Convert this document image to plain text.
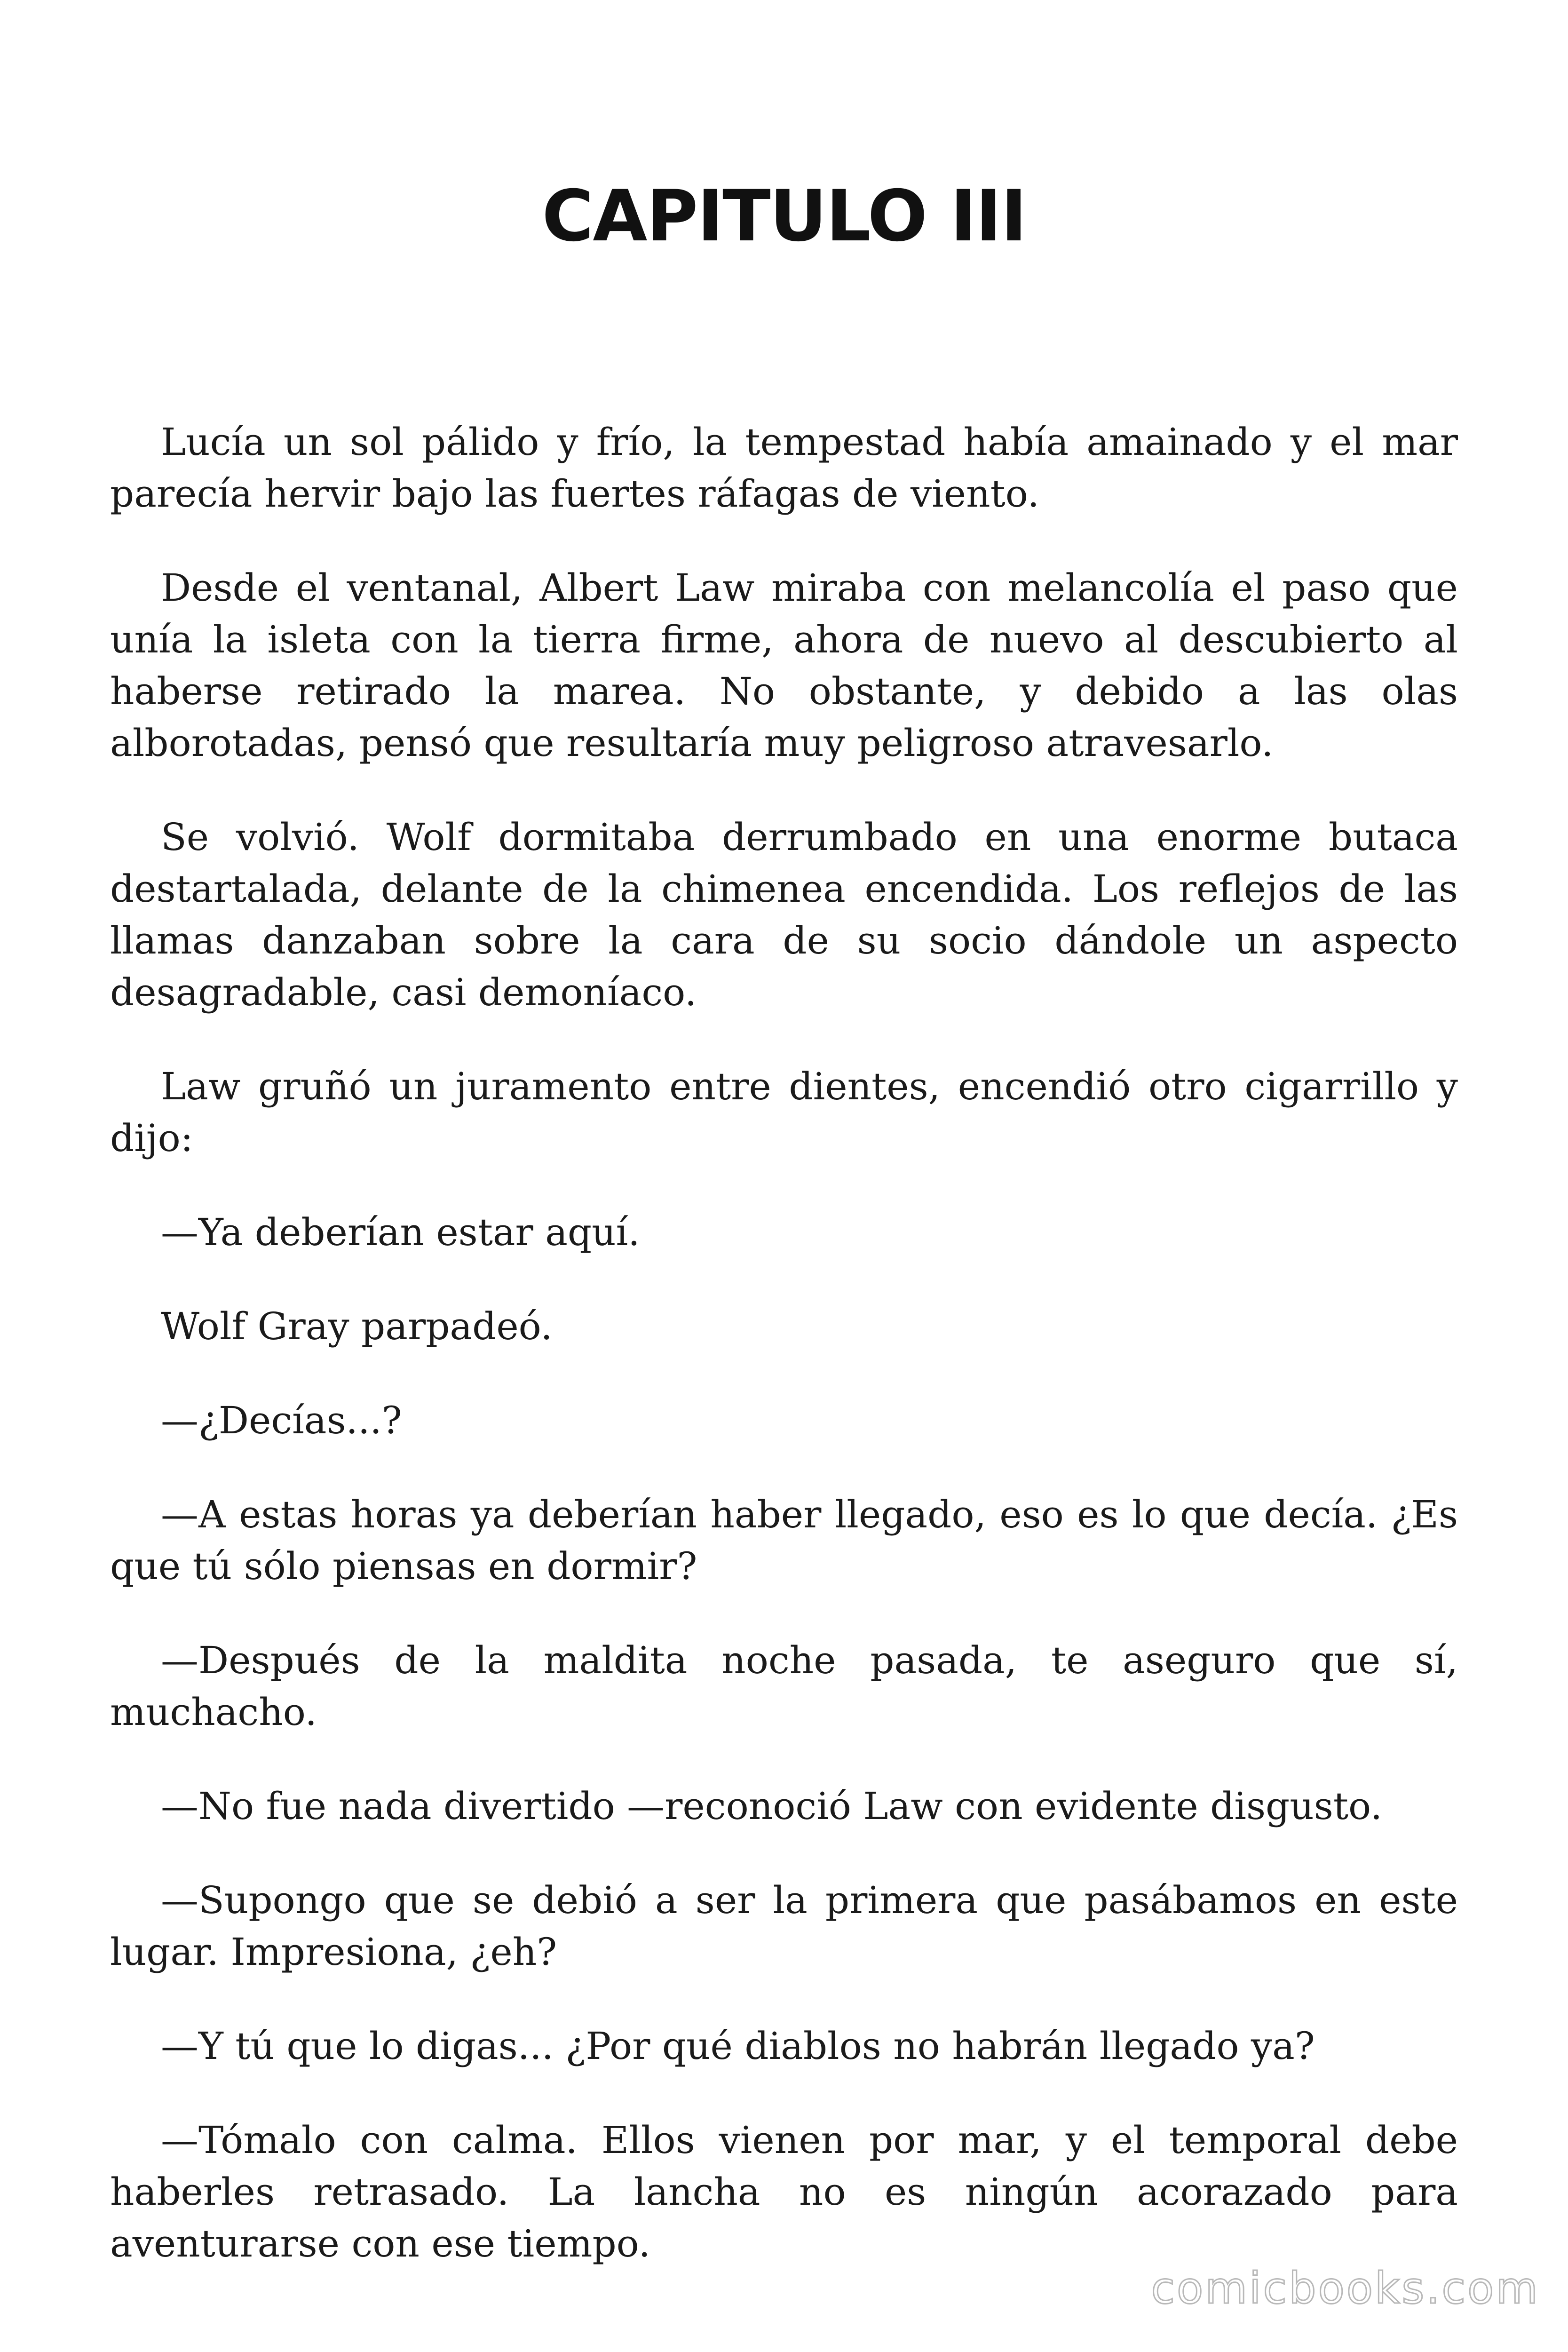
CAPITULO III

Lucía un sol pálido y frío, la tempestad había amainado y el mar parecía hervir bajo las fuertes ráfagas de viento.

Desde el ventanal, Albert Law miraba con melancolía el paso que unía la isleta con la tierra firme, ahora de nuevo al descubierto al haberse retirado la marea. No obstante, y debido a las olas alborotadas, pensó que resultaría muy peligroso atravesarlo.

Se volvió. Wolf dormitaba derrumbado en una enorme butaca destartalada, delante de la chimenea encendida. Los reflejos de las llamas danzaban sobre la cara de su socio dándole un aspecto desagradable, casi demoníaco.

Law gruñó un juramento entre dientes, encendió otro cigarrillo y dijo:

—Ya deberían estar aquí.

Wolf Gray parpadeó.

—¿Decías...?

—A estas horas ya deberían haber llegado, eso es lo que decía. ¿Es que tú sólo piensas en dormir?

—Después de la maldita noche pasada, te aseguro que sí, muchacho.

—No fue nada divertido —reconoció Law con evidente disgusto.

—Supongo que se debió a ser la primera que pasábamos en este lugar. Impresiona, ¿eh?

—Y tú que lo digas... ¿Por qué diablos no habrán llegado ya?

—Tómalo con calma. Ellos vienen por mar, y el temporal debe haberles retrasado. La lancha no es ningún acorazado para aventurarse con ese tiempo.

comicbooks.com
